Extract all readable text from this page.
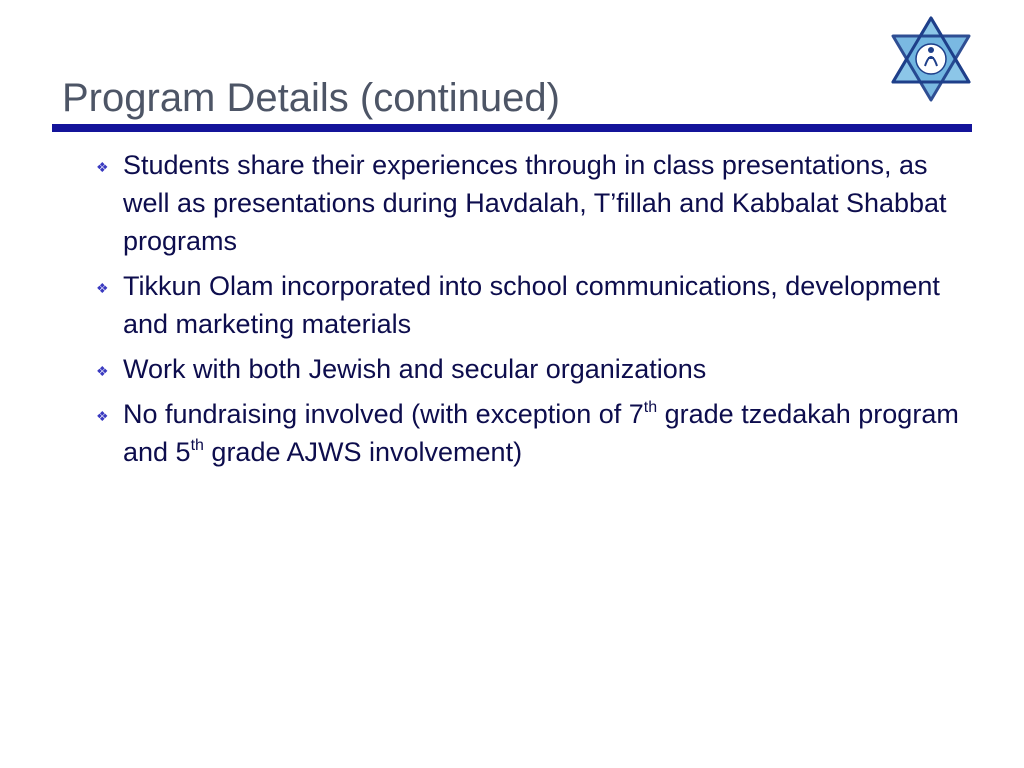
Program Details (continued)
❖ Students share their experiences through in class presentations, as well as presentations during Havdalah, T’fillah and Kabbalat Shabbat programs
❖ Tikkun Olam incorporated into school communications, development and marketing materials
❖ Work with both Jewish and secular organizations
❖ No fundraising involved (with exception of 7th grade tzedakah program and 5th grade AJWS involvement)
